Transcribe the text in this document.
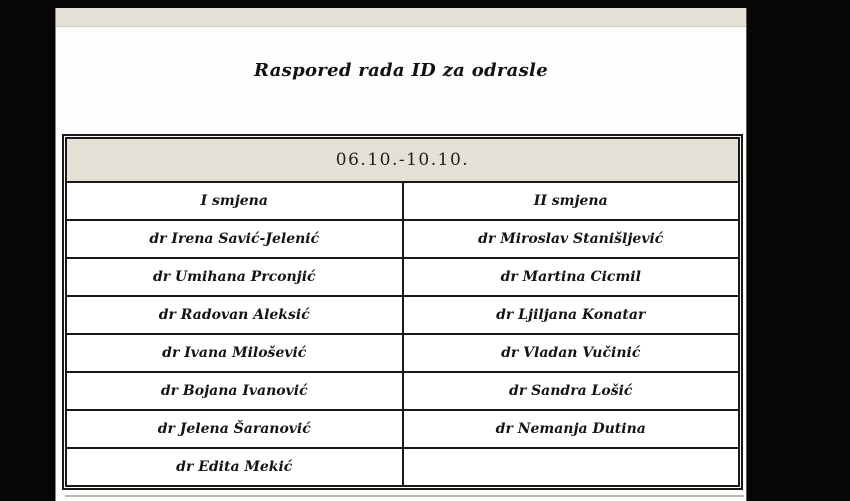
Raspored rada ID za odrasle
06.10.-10.10.	
I smjena	II smjena
dr Irena Savić-Jelenić	dr Miroslav Stanišljević
dr Umihana Prconjić	dr Martina Cicmil
dr Radovan Aleksić	dr Ljiljana Konatar
dr Ivana Milošević	dr Vladan Vučinić
dr Bojana Ivanović	dr Sandra Lošić
dr Jelena Šaranović	dr Nemanja Dutina
dr Edita Mekić	
